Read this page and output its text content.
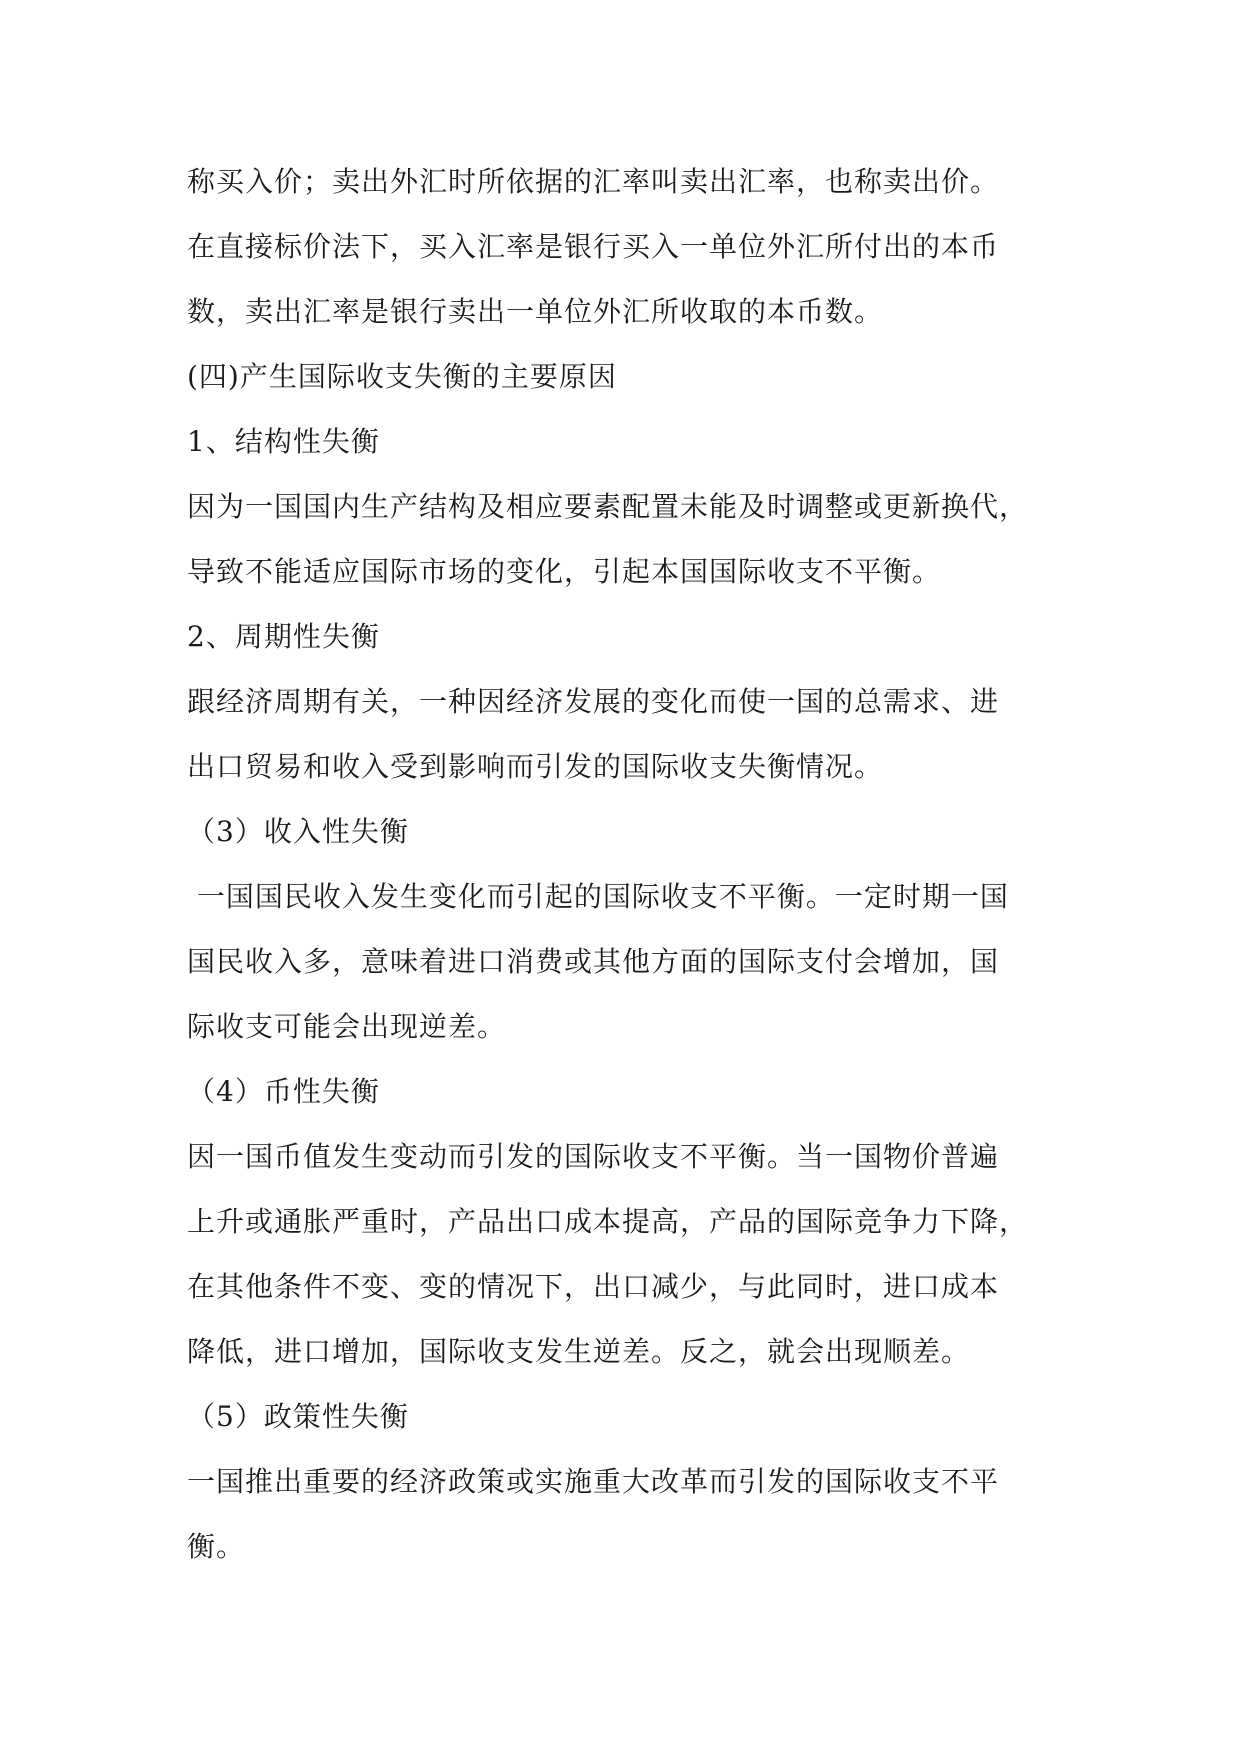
称买入价；卖出外汇时所依据的汇率叫卖出汇率，也称卖出价。
在直接标价法下，买入汇率是银行买入一单位外汇所付出的本币
数，卖出汇率是银行卖出一单位外汇所收取的本币数。
(四)产生国际收支失衡的主要原因
1、结构性失衡
因为一国国内生产结构及相应要素配置未能及时调整或更新换代，
导致不能适应国际市场的变化，引起本国国际收支不平衡。
2、周期性失衡
跟经济周期有关，一种因经济发展的变化而使一国的总需求、进
出口贸易和收入受到影响而引发的国际收支失衡情况。
（3）收入性失衡
一国国民收入发生变化而引起的国际收支不平衡。一定时期一国
国民收入多，意味着进口消费或其他方面的国际支付会增加，国
际收支可能会出现逆差。
（4）币性失衡
因一国币值发生变动而引发的国际收支不平衡。当一国物价普遍
上升或通胀严重时，产品出口成本提高，产品的国际竞争力下降，
在其他条件不变、变的情况下，出口减少，与此同时，进口成本
降低，进口增加，国际收支发生逆差。反之，就会出现顺差。
（5）政策性失衡
一国推出重要的经济政策或实施重大改革而引发的国际收支不平
衡。
